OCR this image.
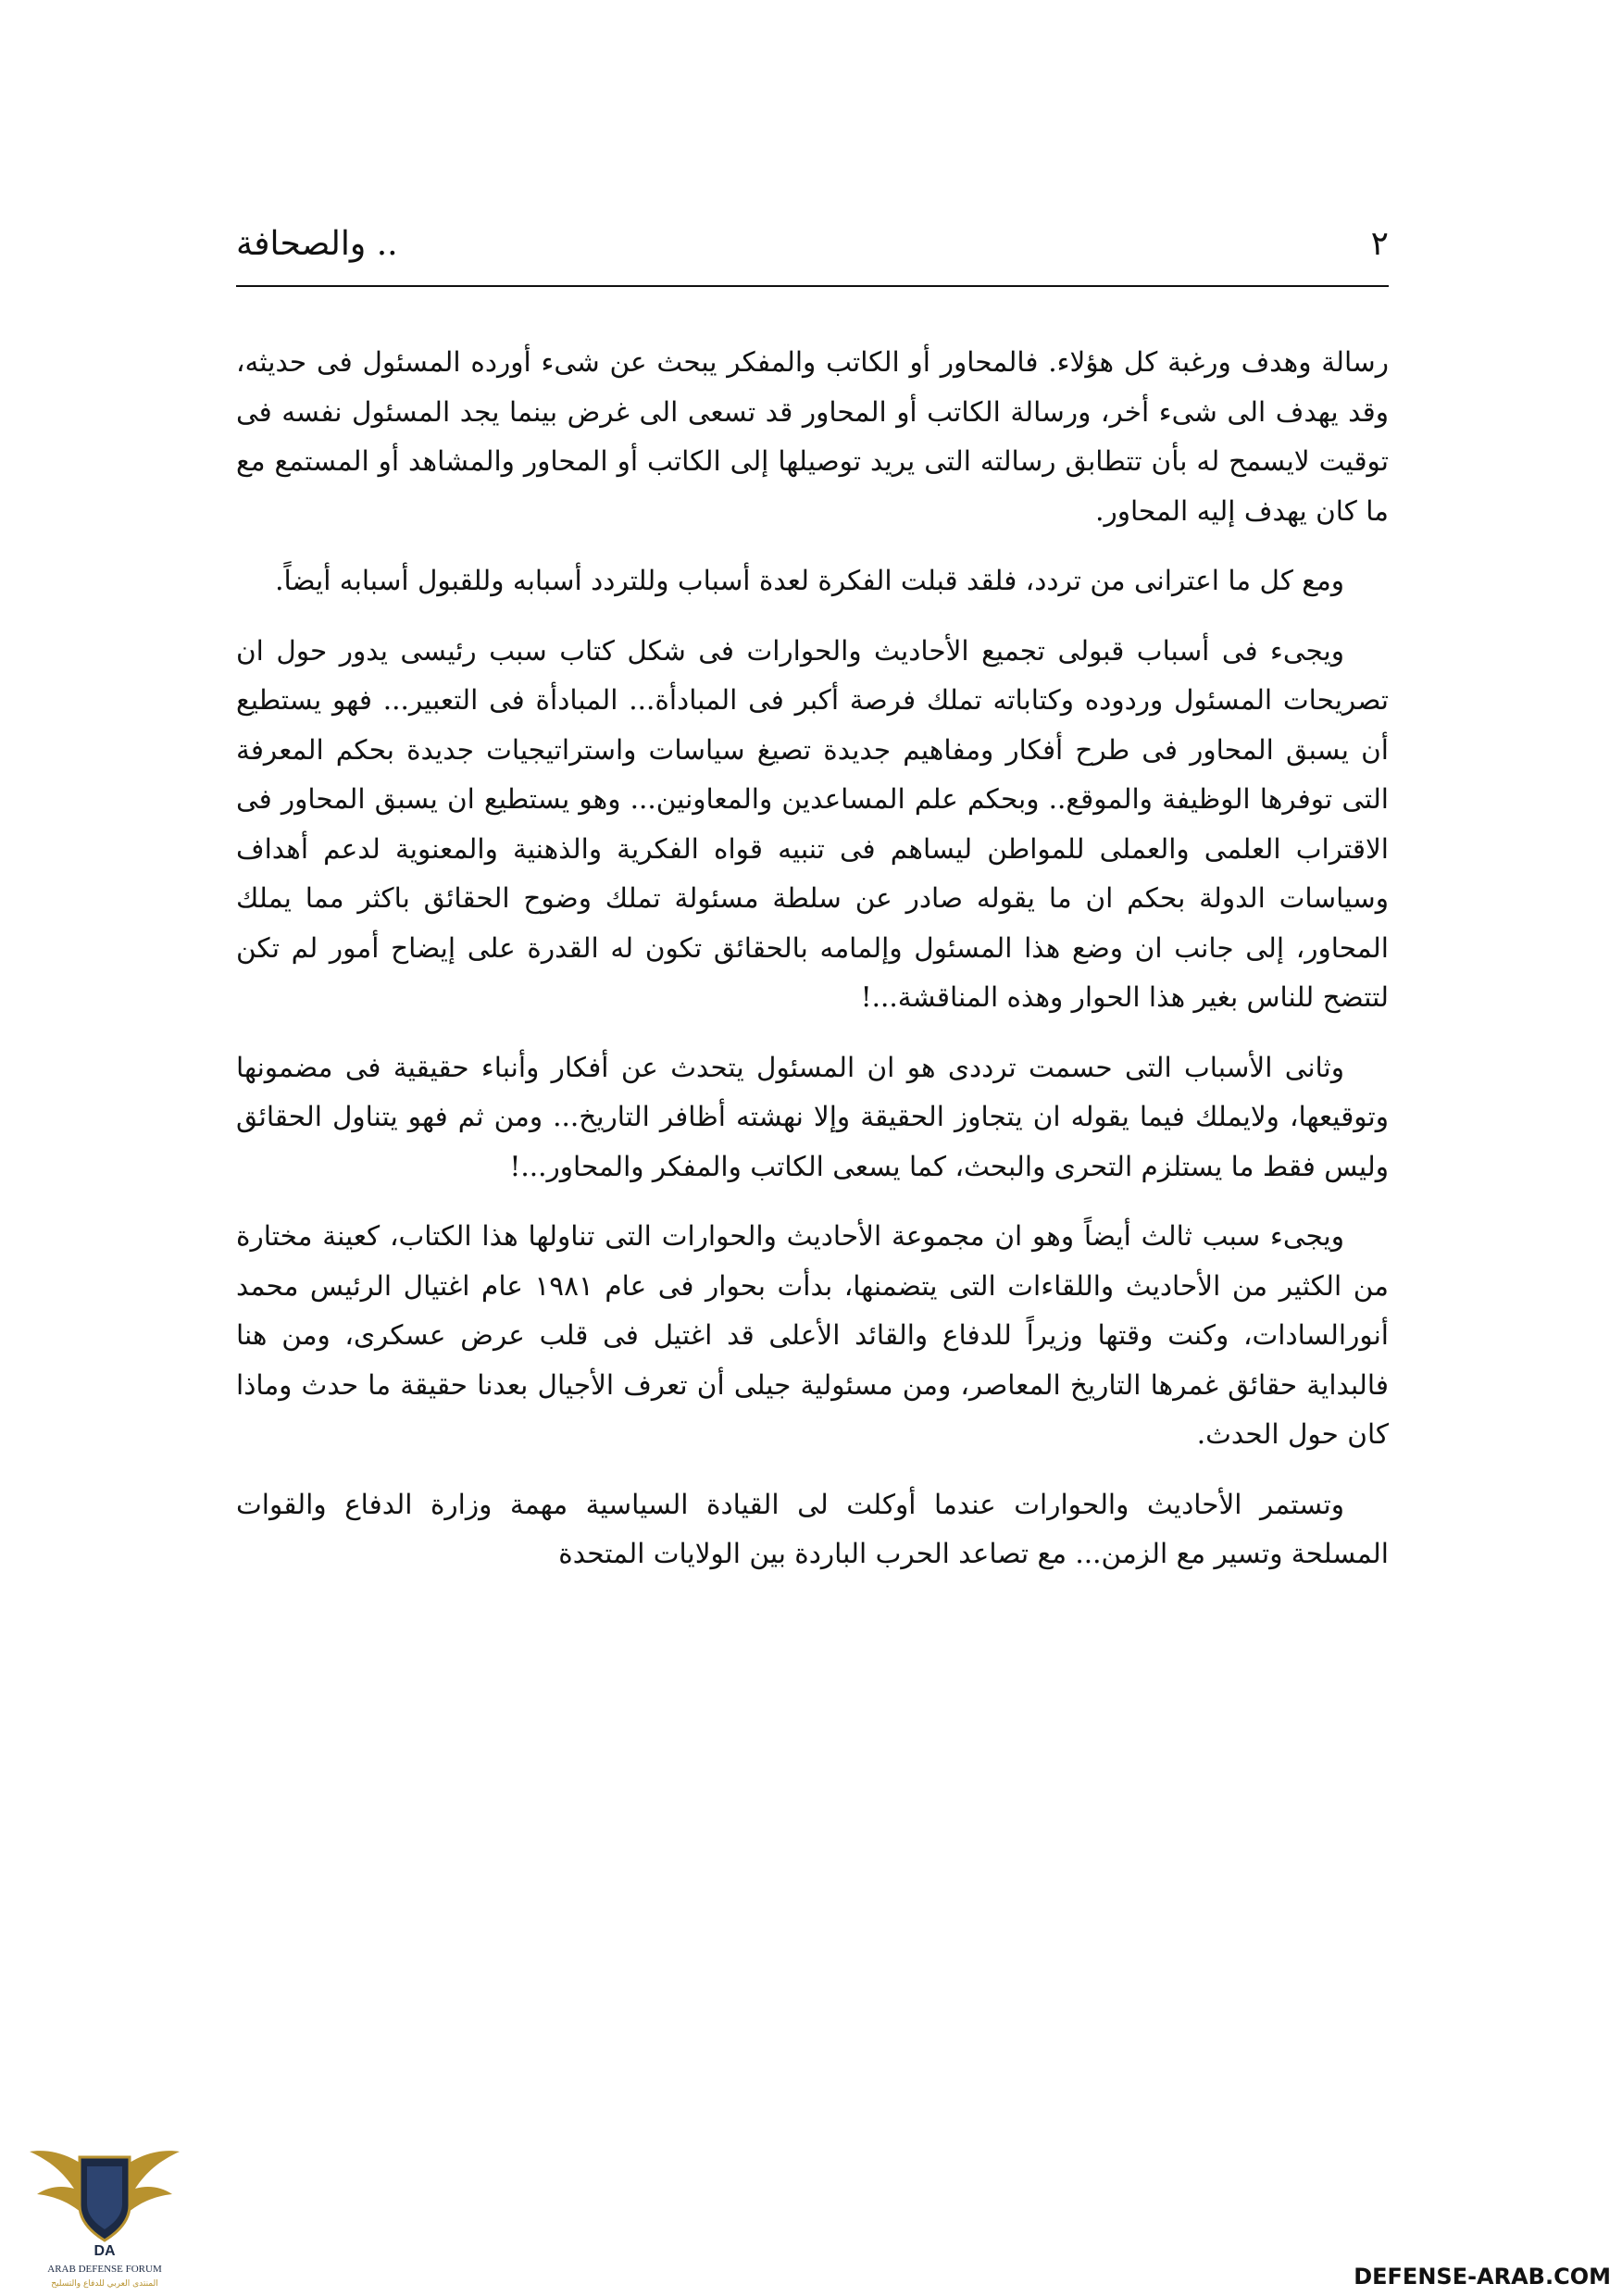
.. والصحافة	٢

رسالة وهدف ورغبة كل هؤلاء. فالمحاور أو الكاتب والمفكر يبحث عن شىء أورده المسئول فى حديثه، وقد يهدف الى شىء أخر، ورسالة الكاتب أو المحاور قد تسعى الى غرض بينما يجد المسئول نفسه فى توقيت لايسمح له بأن تتطابق رسالته التى يريد توصيلها إلى الكاتب أو المحاور والمشاهد أو المستمع مع ما كان يهدف إليه المحاور.

ومع كل ما اعترانى من تردد، فلقد قبلت الفكرة لعدة أسباب وللتردد أسبابه وللقبول أسبابه أيضاً.

ويجىء فى أسباب قبولى تجميع الأحاديث والحوارات فى شكل كتاب سبب رئيسى يدور حول ان تصريحات المسئول وردوده وكتاباته تملك فرصة أكبر فى المبادأة... المبادأة فى التعبير... فهو يستطيع أن يسبق المحاور فى طرح أفكار ومفاهيم جديدة تصيغ سياسات واستراتيجيات جديدة بحكم المعرفة التى توفرها الوظيفة والموقع.. وبحكم علم المساعدين والمعاونين... وهو يستطيع ان يسبق المحاور فى الاقتراب العلمى والعملى للمواطن ليساهم فى تنبيه قواه الفكرية والذهنية والمعنوية لدعم أهداف وسياسات الدولة بحكم ان ما يقوله صادر عن سلطة مسئولة تملك وضوح الحقائق باكثر مما يملك المحاور، إلى جانب ان وضع هذا المسئول وإلمامه بالحقائق تكون له القدرة على إيضاح أمور لم تكن لتتضح للناس بغير هذا الحوار وهذه المناقشة...!

وثانى الأسباب التى حسمت ترددى هو ان المسئول يتحدث عن أفكار وأنباء حقيقية فى مضمونها وتوقيعها، ولايملك فيما يقوله ان يتجاوز الحقيقة وإلا نهشته أظافر التاريخ... ومن ثم فهو يتناول الحقائق وليس فقط ما يستلزم التحرى والبحث، كما يسعى الكاتب والمفكر والمحاور...!

ويجىء سبب ثالث أيضاً وهو ان مجموعة الأحاديث والحوارات التى تناولها هذا الكتاب، كعينة مختارة من الكثير من الأحاديث واللقاءات التى يتضمنها، بدأت بحوار فى عام ١٩٨١ عام اغتيال الرئيس محمد أنورالسادات، وكنت وقتها وزيراً للدفاع والقائد الأعلى قد اغتيل فى قلب عرض عسكرى، ومن هنا فالبداية حقائق غمرها التاريخ المعاصر، ومن مسئولية جيلى أن تعرف الأجيال بعدنا حقيقة ما حدث وماذا كان حول الحدث.

وتستمر الأحاديث والحوارات عندما أوكلت لى القيادة السياسية مهمة وزارة الدفاع والقوات المسلحة وتسير مع الزمن... مع تصاعد الحرب الباردة بين الولايات المتحدة

DA
ARAB DEFENSE FORUM
المنتدى العربي للدفاع والتسليح	DEFENSE-ARAB.COM
